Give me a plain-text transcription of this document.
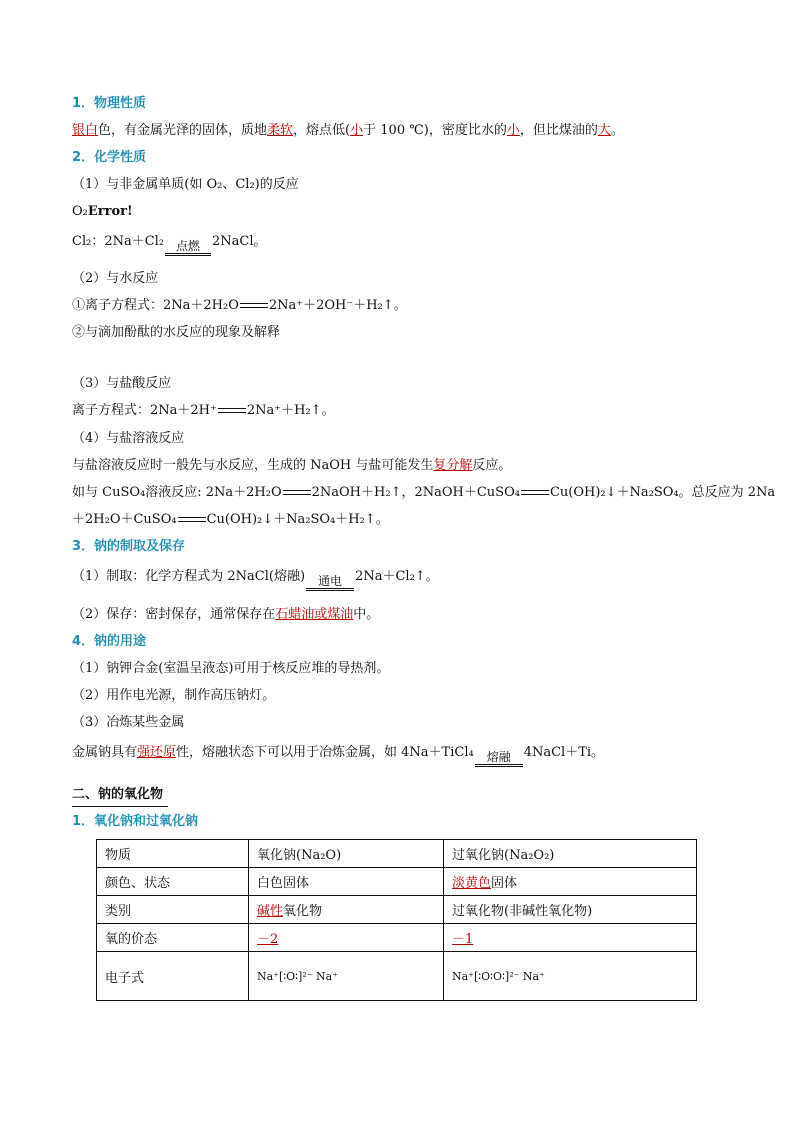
1．物理性质
银白色，有金属光泽的固体，质地柔软，熔点低(小于 100 ℃)，密度比水的小，但比煤油的大。
2．化学性质
（1）与非金属单质(如 O₂、Cl₂)的反应
O₂Error!
Cl₂：2Na＋Cl₂ 点燃 2NaCl。
（2）与水反应
①离子方程式：2Na＋2H₂O 2Na⁺＋2OH⁻＋H₂↑。
②与滴加酚酞的水反应的现象及解释
（3）与盐酸反应
离子方程式：2Na＋2H⁺ 2Na⁺＋H₂↑。
（4）与盐溶液反应
与盐溶液反应时一般先与水反应，生成的 NaOH 与盐可能发生复分解反应。
如与 CuSO₄溶液反应: 2Na＋2H₂O 2NaOH＋H₂↑，2NaOH＋CuSO₄ Cu(OH)₂↓＋Na₂SO₄。总反应为 2Na
＋2H₂O＋CuSO₄ Cu(OH)₂↓＋Na₂SO₄＋H₂↑。
3．钠的制取及保存
（1）制取：化学方程式为 2NaCl(熔融)	通电	2Na＋Cl₂↑。
（2）保存：密封保存，通常保存在石蜡油或煤油中。
4．钠的用途
（1）钠钾合金(室温呈液态)可用于核反应堆的导热剂。
（2）用作电光源，制作高压钠灯。
（3）冶炼某些金属
金属钠具有强还原性，熔融状态下可以用于冶炼金属，如 4Na＋TiCl₄	熔融	4NaCl＋Ti。
二、钠的氧化物
1．氧化钠和过氧化钠
物质	氧化钠(Na₂O)	过氧化钠(Na₂O₂)
颜色、状态	白色固体	淡黄色固体
类别	碱性氧化物	过氧化物(非碱性氧化物)
氧的价态	－2	－1
电子式	Na⁺[∶O∶]²⁻ Na⁺	Na⁺[∶O∶O∶]²⁻ Na⁺
